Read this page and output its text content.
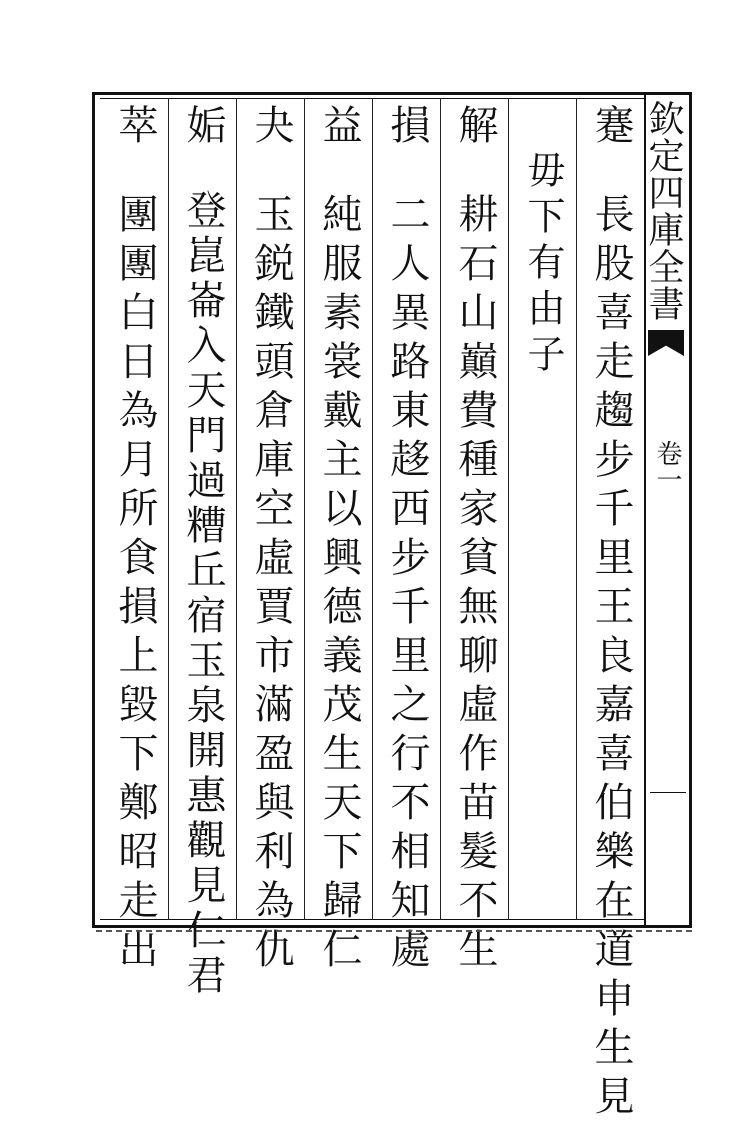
欽定四庫全書
卷一
蹇長股喜走趨步千里王良嘉喜伯樂在道申生見
毋下有由子
解耕石山巔費種家貧無聊虛作苗髮不生
損二人異路東趍西步千里之行不相知處
益純服素裳戴主以興德義茂生天下歸仁
夬玉鋭鐵頭倉庫空虛賈市滿盈與利為仇
姤登崑崙入天門過糟丘宿玉泉開惠觀見仁君
萃團團白日為月所食損上毀下鄭昭走出
